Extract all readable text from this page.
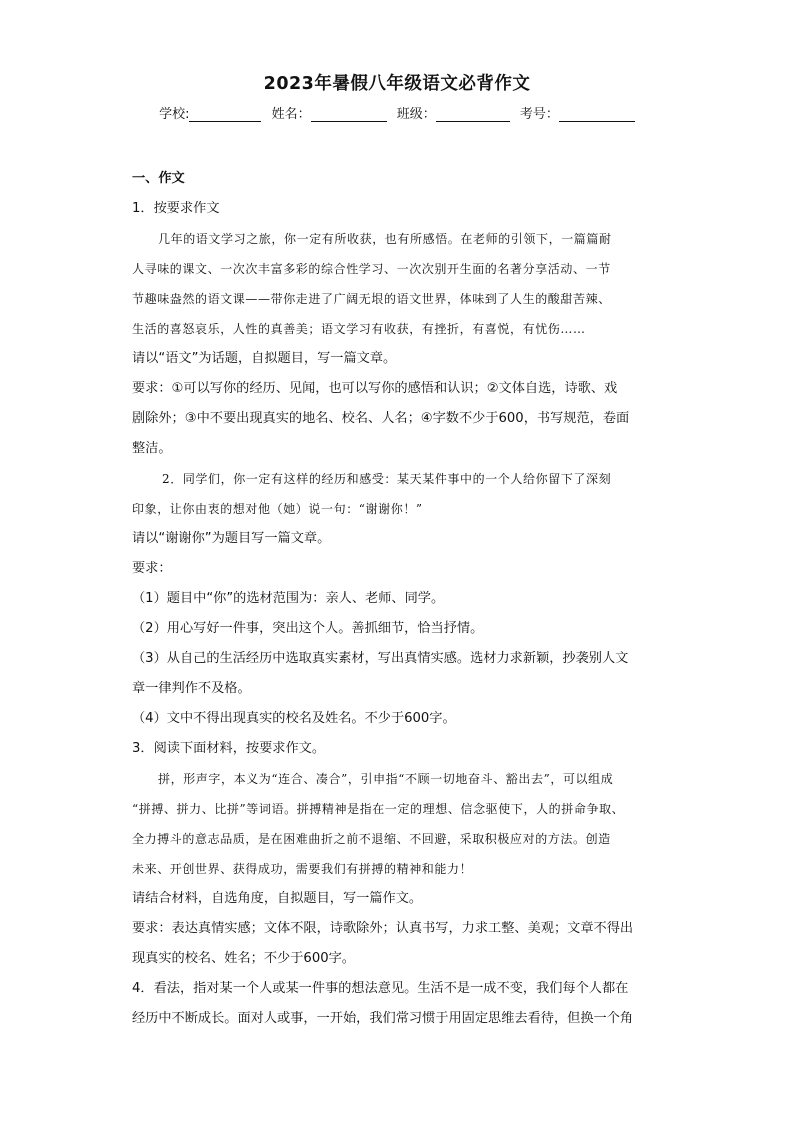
2023年暑假八年级语文必背作文
学校:	姓名：	班级：	考号：
一、作文
1．按要求作文
几年的语文学习之旅，你一定有所收获，也有所感悟。在老师的引领下，一篇篇耐
人寻味的课文、一次次丰富多彩的综合性学习、一次次别开生面的名著分享活动、一节
节趣味盎然的语文课——带你走进了广阔无垠的语文世界，体味到了人生的酸甜苦辣、
生活的喜怒哀乐，人性的真善美；语文学习有收获，有挫折，有喜悦，有忧伤……
请以“语文”为话题，自拟题目，写一篇文章。
要求：①可以写你的经历、见闻，也可以写你的感悟和认识；②文体自选，诗歌、戏
剧除外；③中不要出现真实的地名、校名、人名；④字数不少于600，书写规范，卷面
整洁。
2．同学们，你一定有这样的经历和感受：某天某件事中的一个人给你留下了深刻
印象，让你由衷的想对他（她）说一句：“谢谢你！”
请以“谢谢你”为题目写一篇文章。
要求：
（1）题目中“你”的选材范围为：亲人、老师、同学。
（2）用心写好一件事，突出这个人。善抓细节，恰当抒情。
（3）从自己的生活经历中选取真实素材，写出真情实感。选材力求新颖，抄袭别人文
章一律判作不及格。
（4）文中不得出现真实的校名及姓名。不少于600字。
3．阅读下面材料，按要求作文。
拼，形声字，本义为“连合、凑合”，引申指“不顾一切地奋斗、豁出去”，可以组成
“拼搏、拼力、比拼”等词语。拼搏精神是指在一定的理想、信念驱使下，人的拼命争取、
全力搏斗的意志品质，是在困难曲折之前不退缩、不回避，采取积极应对的方法。创造
未来、开创世界、获得成功，需要我们有拼搏的精神和能力！
请结合材料，自选角度，自拟题目，写一篇作文。
要求：表达真情实感；文体不限，诗歌除外；认真书写，力求工整、美观；文章不得出
现真实的校名、姓名；不少于600字。
4．看法，指对某一个人或某一件事的想法意见。生活不是一成不变，我们每个人都在
经历中不断成长。面对人或事，一开始，我们常习惯于用固定思维去看待，但换一个角
